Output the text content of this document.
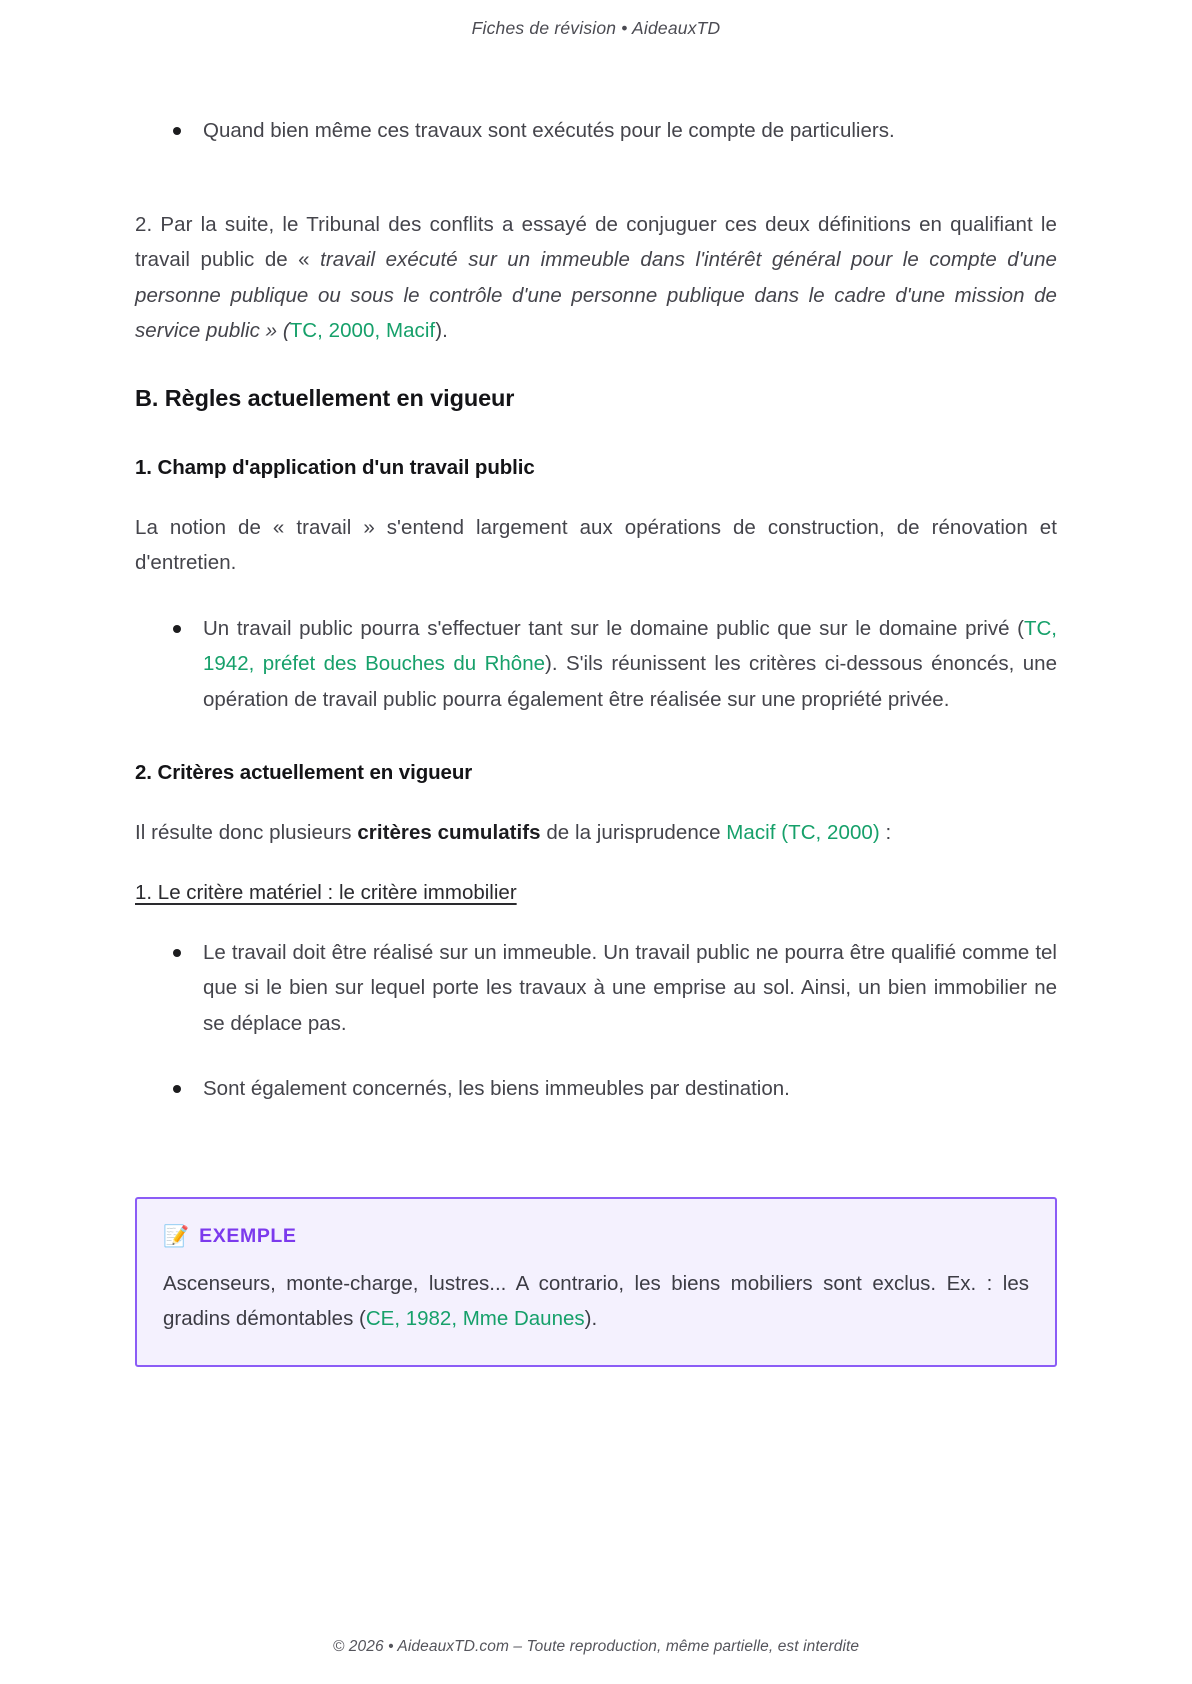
Fiches de révision • AideauxTD
Quand bien même ces travaux sont exécutés pour le compte de particuliers.

2. Par la suite, le Tribunal des conflits a essayé de conjuguer ces deux définitions en qualifiant le travail public de « travail exécuté sur un immeuble dans l'intérêt général pour le compte d'une personne publique ou sous le contrôle d'une personne publique dans le cadre d'une mission de service public » (TC, 2000, Macif).

B. Règles actuellement en vigueur
1. Champ d'application d'un travail public

La notion de « travail » s'entend largement aux opérations de construction, de rénovation et d'entretien.

Un travail public pourra s'effectuer tant sur le domaine public que sur le domaine privé (TC, 1942, préfet des Bouches du Rhône). S'ils réunissent les critères ci-dessous énoncés, une opération de travail public pourra également être réalisée sur une propriété privée.
2. Critères actuellement en vigueur

Il résulte donc plusieurs critères cumulatifs de la jurisprudence Macif (TC, 2000) :

1. Le critère matériel : le critère immobilier

Le travail doit être réalisé sur un immeuble. Un travail public ne pourra être qualifié comme tel que si le bien sur lequel porte les travaux à une emprise au sol. Ainsi, un bien immobilier ne se déplace pas.
Sont également concernés, les biens immeubles par destination.
📝 EXEMPLE

Ascenseurs, monte-charge, lustres... A contrario, les biens mobiliers sont exclus. Ex. : les gradins démontables (CE, 1982, Mme Daunes).

© 2026 • AideauxTD.com – Toute reproduction, même partielle, est interdite
